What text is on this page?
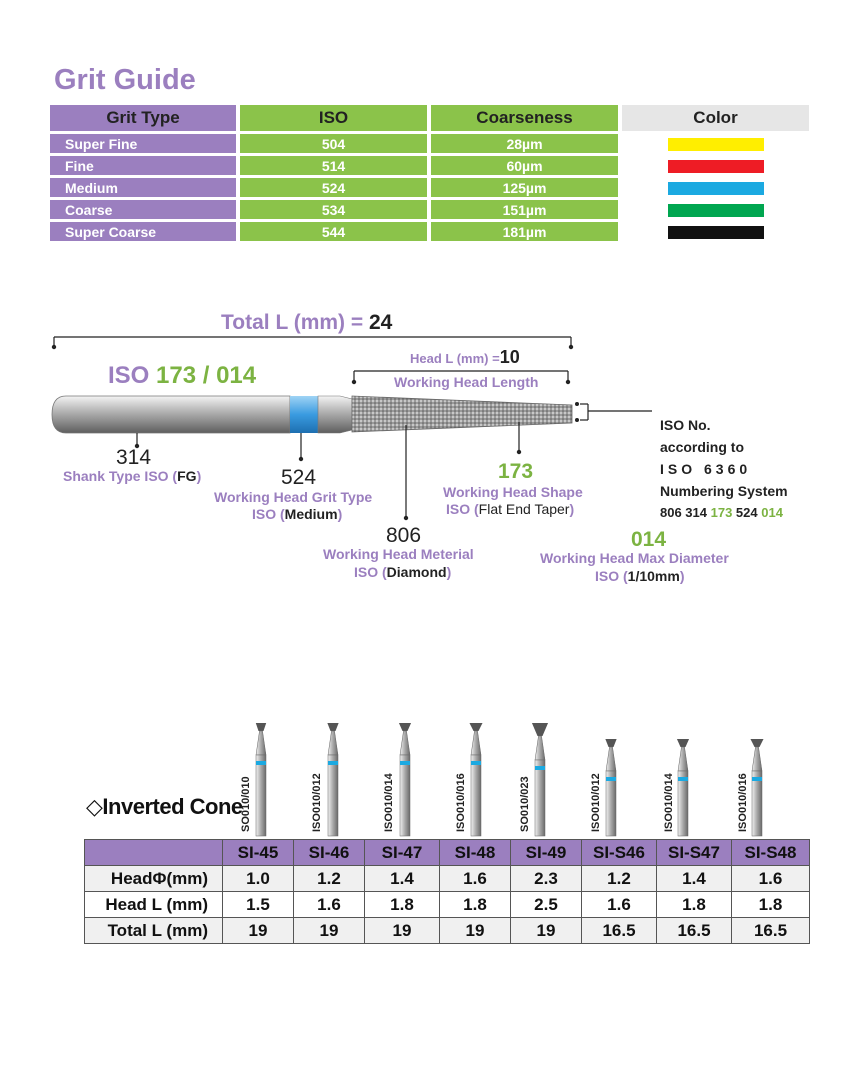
Grit Guide
Grit Type	ISO	Coarseness	Color
Super Fine	504	28µm	
Fine	514	60µm	
Medium	524	125µm	
Coarse	534	151µm	
Super Coarse	544	181µm	
Total L (mm) = 24
ISO 173 / 014
Head L (mm) =10
Working Head Length
314
Shank Type ISO (FG)	524
Working Head Grit Type
ISO (Medium)
806
Working Head Meterial
ISO (Diamond)
173
Working Head Shape
ISO (Flat End Taper)
014
Working Head Max Diameter
ISO (1/10mm)
ISO No.
according to
ISO 6360
Numbering System
806 314 173 524 014
◇Inverted Cone
SO010/010	ISO010/012	ISO010/014	ISO010/016	SO010/023	ISO010/012	ISO010/014	ISO010/016
	SI-45	SI-46	SI-47	SI-48	SI-49	SI-S46	SI-S47	SI-S48
HeadΦ(mm)	1.0	1.2	1.4	1.6	2.3	1.2	1.4	1.6
Head L (mm)	1.5	1.6	1.8	1.8	2.5	1.6	1.8	1.8
Total L (mm)	19	19	19	19	19	16.5	16.5	16.5
